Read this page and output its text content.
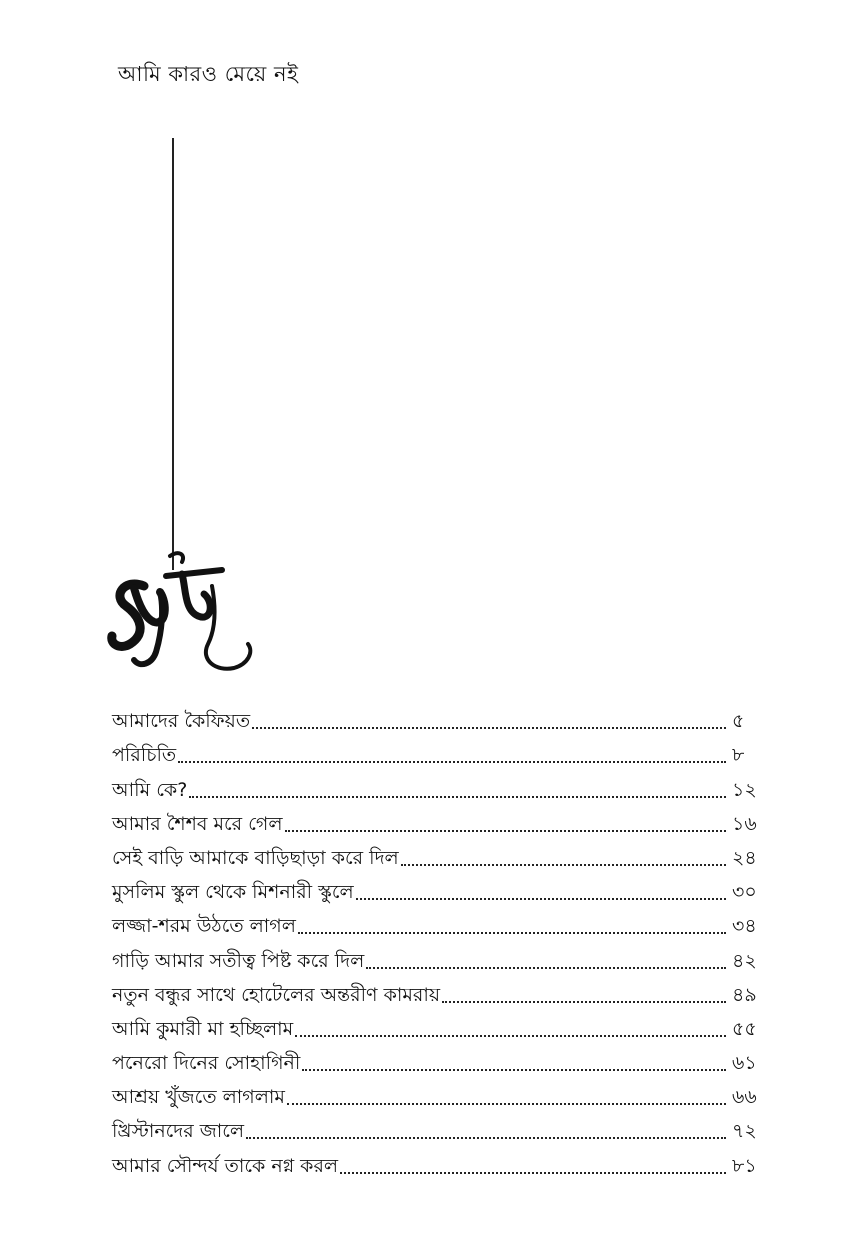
আমি কারও মেয়ে নই
আমাদের কৈফিয়ত	৫
পরিচিতি	৮
আমি কে?	১২
আমার শৈশব মরে গেল	১৬
সেই বাড়ি আমাকে বাড়িছাড়া করে দিল	২৪
মুসলিম স্কুল থেকে মিশনারী স্কুলে	৩০
লজ্জা-শরম উঠতে লাগল	৩৪
গাড়ি আমার সতীত্ব পিষ্ট করে দিল	৪২
নতুন বন্ধুর সাথে হোটেলের অন্তরীণ কামরায়	৪৯
আমি কুমারী মা হচ্ছিলাম	৫৫
পনেরো দিনের সোহাগিনী	৬১
আশ্রয় খুঁজতে লাগলাম	৬৬
খ্রিস্টানদের জালে	৭২
আমার সৌন্দর্য তাকে নগ্ন করল	৮১
